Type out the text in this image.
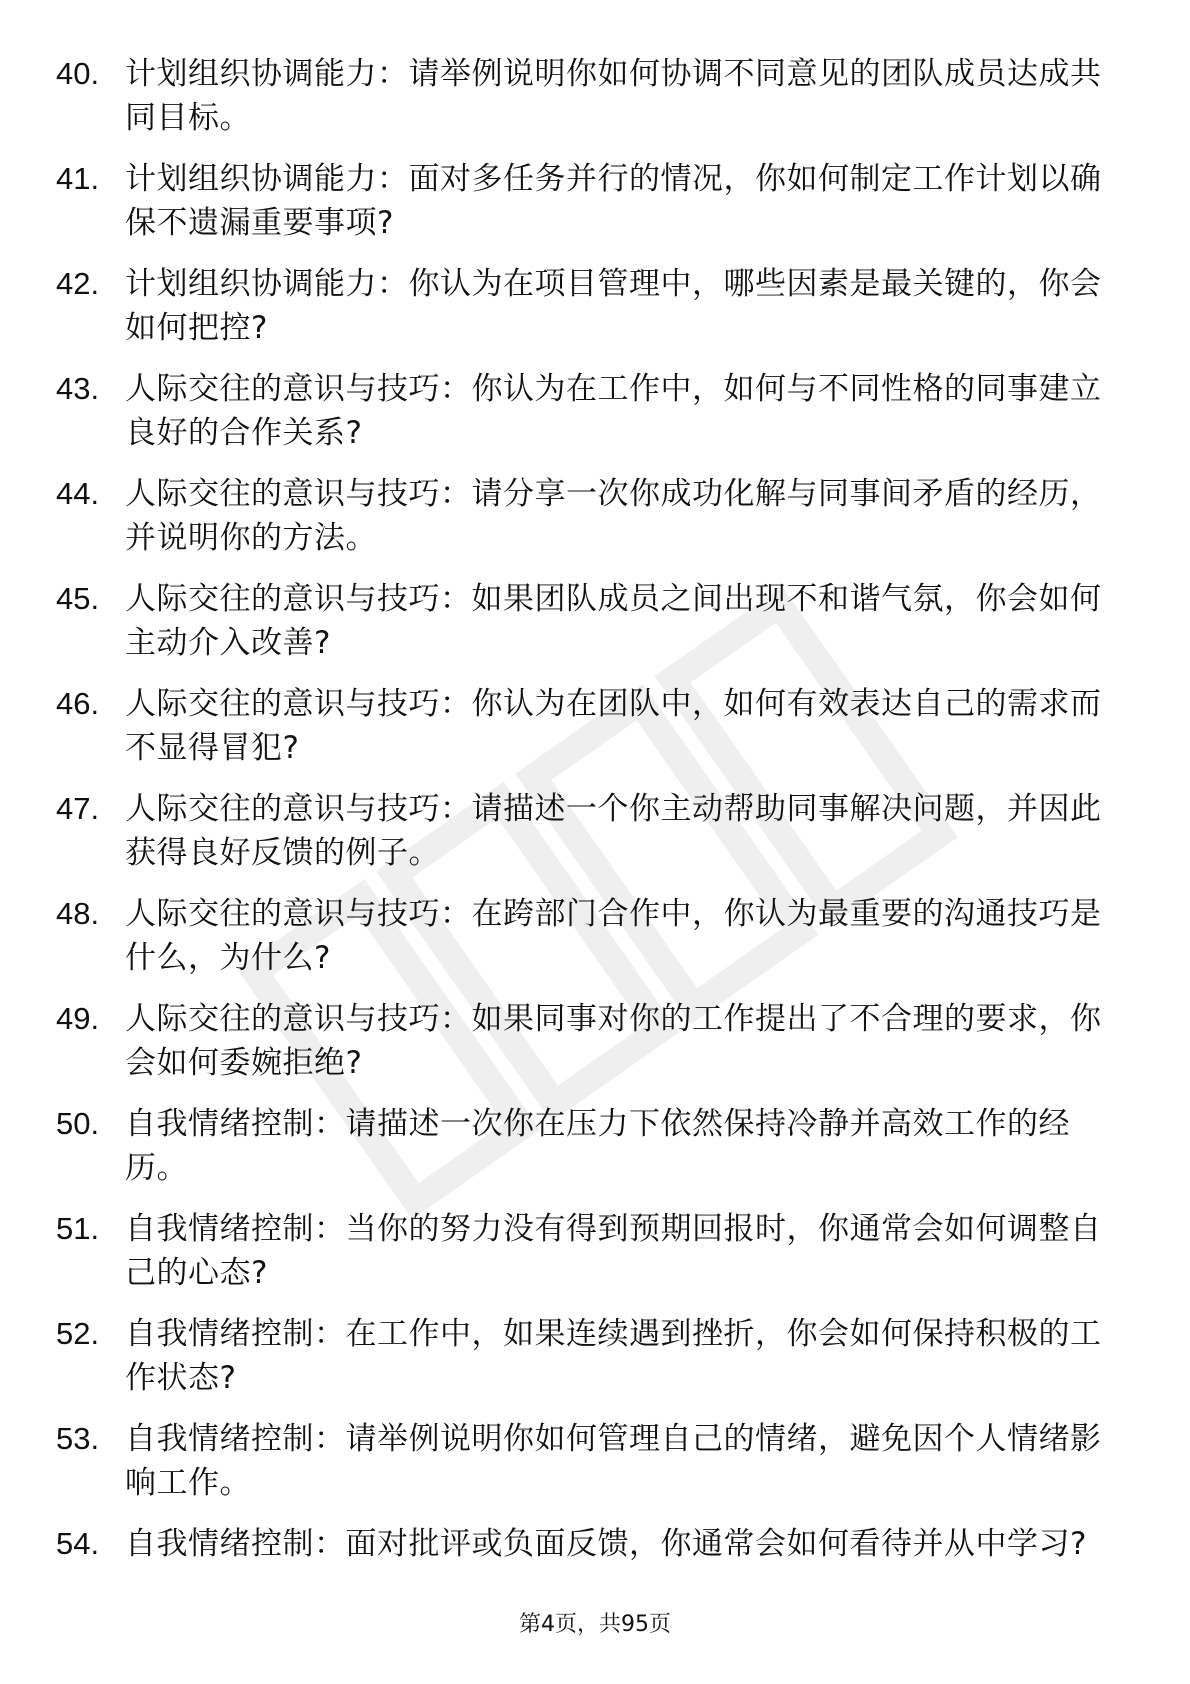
40. 计划组织协调能力：请举例说明你如何协调不同意见的团队成员达成共同目标。
41. 计划组织协调能力：面对多任务并行的情况，你如何制定工作计划以确保不遗漏重要事项?
42. 计划组织协调能力：你认为在项目管理中，哪些因素是最关键的，你会如何把控?
43. 人际交往的意识与技巧：你认为在工作中，如何与不同性格的同事建立良好的合作关系?
44. 人际交往的意识与技巧：请分享一次你成功化解与同事间矛盾的经历，并说明你的方法。
45. 人际交往的意识与技巧：如果团队成员之间出现不和谐气氛，你会如何主动介入改善?
46. 人际交往的意识与技巧：你认为在团队中，如何有效表达自己的需求而不显得冒犯?
47. 人际交往的意识与技巧：请描述一个你主动帮助同事解决问题，并因此获得良好反馈的例子。
48. 人际交往的意识与技巧：在跨部门合作中，你认为最重要的沟通技巧是什么，为什么?
49. 人际交往的意识与技巧：如果同事对你的工作提出了不合理的要求，你会如何委婉拒绝?
50. 自我情绪控制：请描述一次你在压力下依然保持冷静并高效工作的经历。
51. 自我情绪控制：当你的努力没有得到预期回报时，你通常会如何调整自己的心态?
52. 自我情绪控制：在工作中，如果连续遇到挫折，你会如何保持积极的工作状态?
53. 自我情绪控制：请举例说明你如何管理自己的情绪，避免因个人情绪影响工作。
54. 自我情绪控制：面对批评或负面反馈，你通常会如何看待并从中学习?
第4页，共95页
